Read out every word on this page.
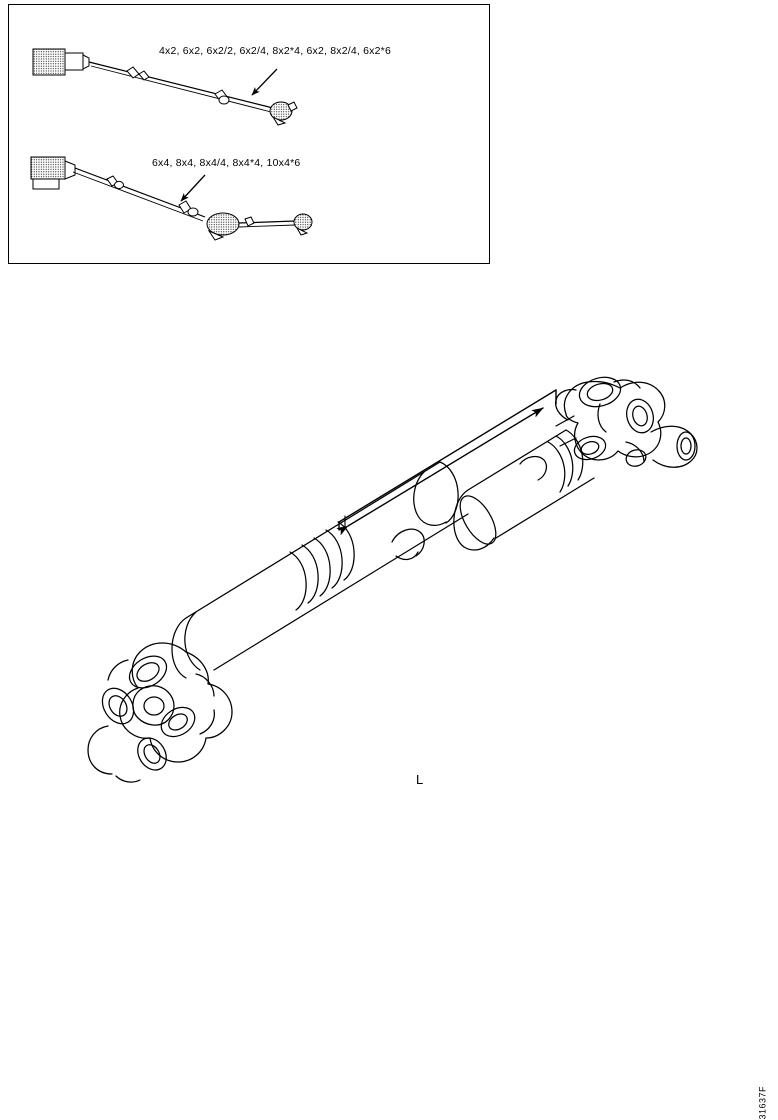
4x2, 6x2, 6x2/2, 6x2/4, 8x2*4, 6x2, 8x2/4, 6x2*6
6x4, 8x4, 8x4/4, 8x4*4, 10x4*6
L
31637F
